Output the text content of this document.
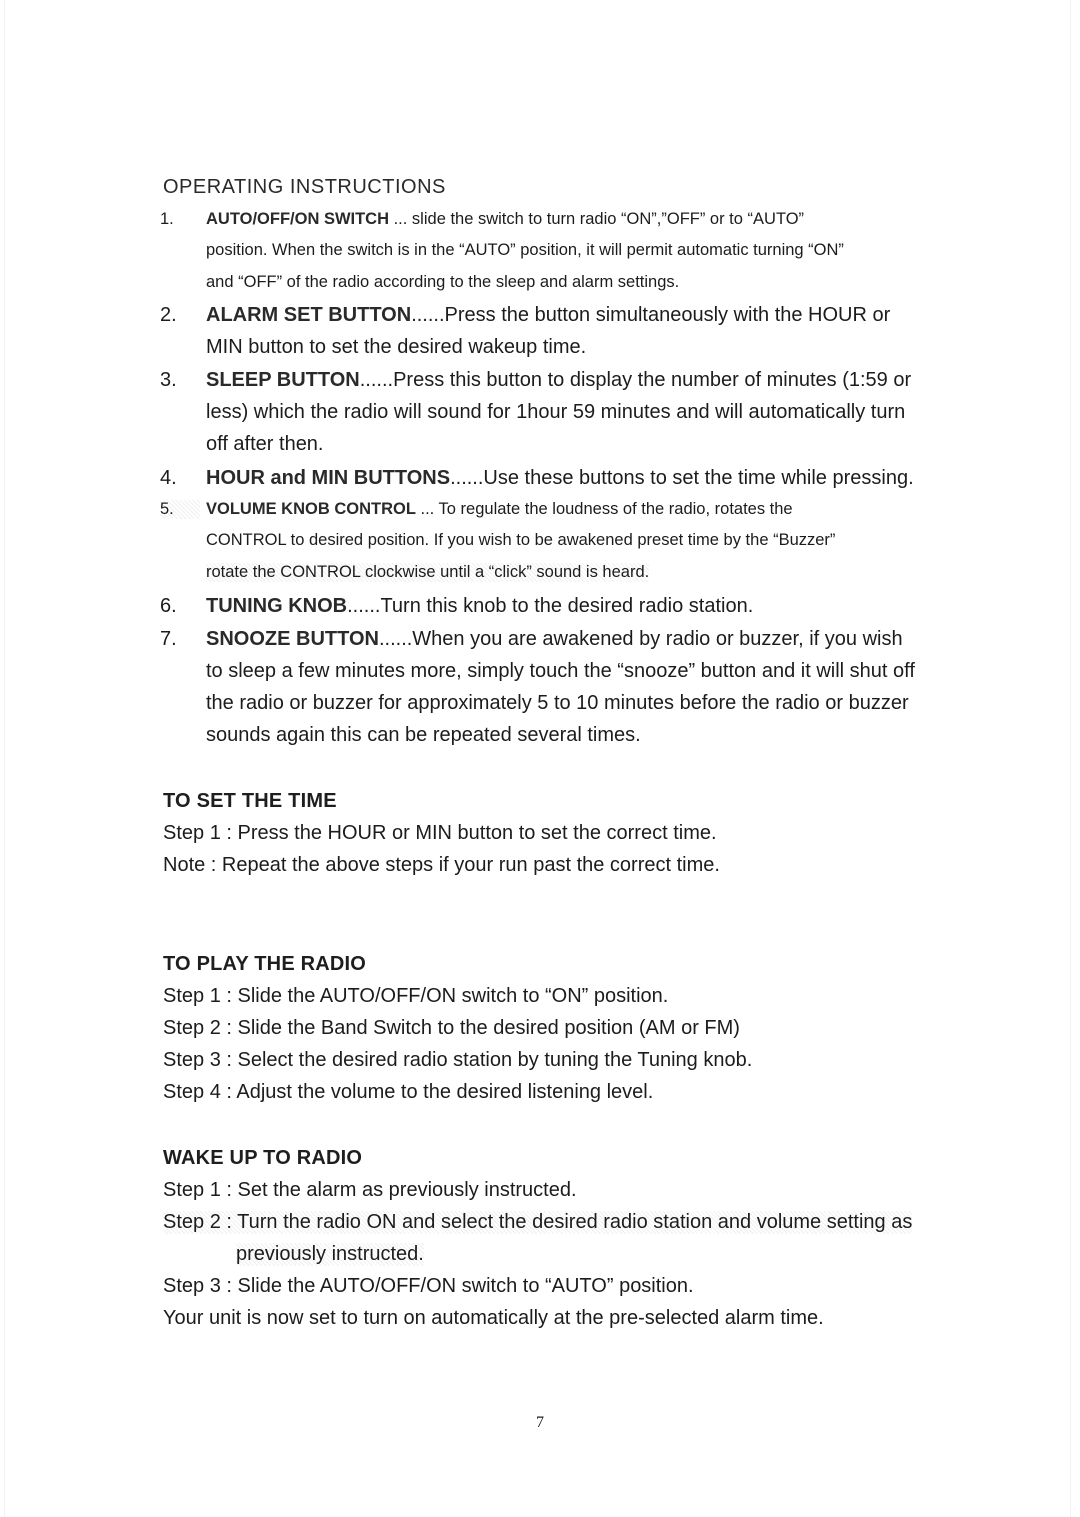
OPERATING INSTRUCTIONS
1.	AUTO/OFF/ON SWITCH ... slide the switch to turn radio “ON”,”OFF” or to “AUTO”
position. When the switch is in the “AUTO” position, it will permit automatic turning “ON”
and “OFF” of the radio according to the sleep and alarm settings.
2.	ALARM SET BUTTON......Press the button simultaneously with the HOUR or
MIN button to set the desired wakeup time.
3.	SLEEP BUTTON......Press this button to display the number of minutes (1:59 or
less) which the radio will sound for 1hour 59 minutes and will automatically turn
off after then.
4.	HOUR and MIN BUTTONS......Use these buttons to set the time while pressing.
5.	VOLUME KNOB CONTROL ... To regulate the loudness of the radio, rotates the
CONTROL to desired position. If you wish to be awakened preset time by the “Buzzer”
rotate the CONTROL clockwise until a “click” sound is heard.
6.	TUNING KNOB......Turn this knob to the desired radio station.
7.	SNOOZE BUTTON......When you are awakened by radio or buzzer, if you wish
to sleep a few minutes more, simply touch the “snooze” button and it will shut off
the radio or buzzer for approximately 5 to 10 minutes before the radio or buzzer
sounds again this can be repeated several times.
TO SET THE TIME
Step 1 : Press the HOUR or MIN button to set the correct time.
Note : Repeat the above steps if your run past the correct time.
TO PLAY THE RADIO
Step 1 : Slide the AUTO/OFF/ON switch to “ON” position.
Step 2 : Slide the Band Switch to the desired position (AM or FM)
Step 3 : Select the desired radio station by tuning the Tuning knob.
Step 4 : Adjust the volume to the desired listening level.
WAKE UP TO RADIO
Step 1 : Set the alarm as previously instructed.
Step 2 : Turn the radio ON and select the desired radio station and volume setting as
previously instructed.
Step 3 : Slide the AUTO/OFF/ON switch to “AUTO” position.
Your unit is now set to turn on automatically at the pre-selected alarm time.
7
